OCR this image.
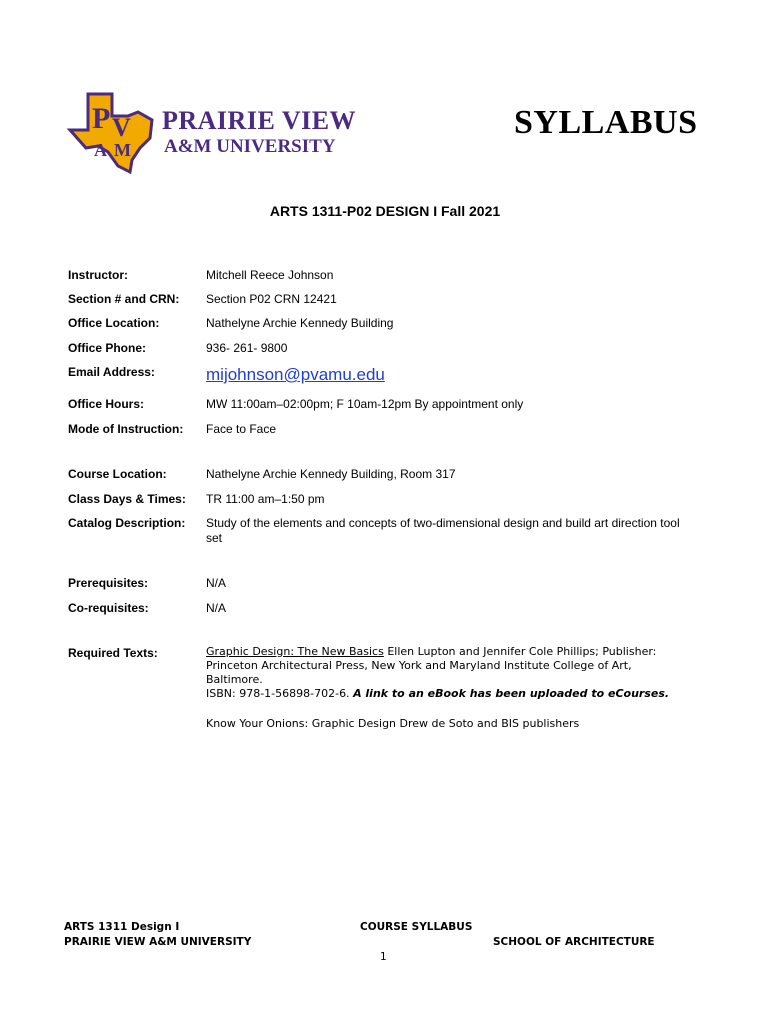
P V
A M
PRAIRIE VIEW
A&M UNIVERSITY
SYLLABUS
ARTS 1311-P02 DESIGN I Fall 2021
Instructor:	Mitchell Reece Johnson
Section # and CRN:	Section P02 CRN 12421
Office Location:	Nathelyne Archie Kennedy Building
Office Phone:	936- 261- 9800
Email Address:	mijohnson@pvamu.edu
Office Hours:	MW 11:00am–02:00pm; F 10am-12pm By appointment only
Mode of Instruction:	Face to Face
Course Location:	Nathelyne Archie Kennedy Building, Room 317
Class Days & Times:	TR 11:00 am–1:50 pm
Catalog Description:	Study of the elements and concepts of two-dimensional design and build art direction tool set
Prerequisites:	N/A
Co-requisites:	N/A
Required Texts:	Graphic Design: The New Basics Ellen Lupton and Jennifer Cole Phillips; Publisher: Princeton Architectural Press, New York and Maryland Institute College of Art, Baltimore.
ISBN: 978-1-56898-702-6. A link to an eBook has been uploaded to eCourses.
Know Your Onions: Graphic Design Drew de Soto and BIS publishers
ARTS 1311 Design I
PRAIRIE VIEW A&M UNIVERSITY
COURSE SYLLABUS
SCHOOL OF ARCHITECTURE
1
